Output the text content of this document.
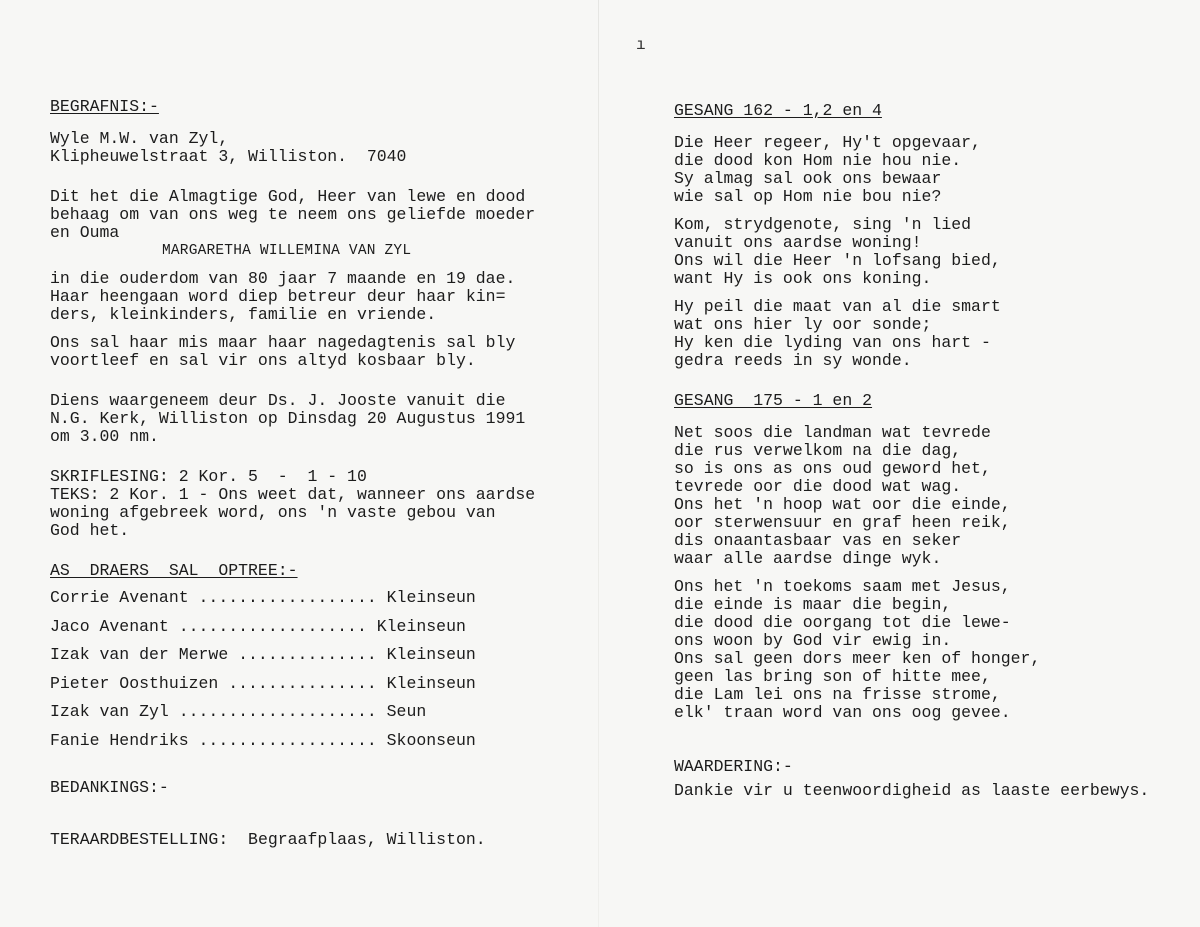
ı
BEGRAFNIS:-
Wyle M.W. van Zyl,
Klipheuwelstraat 3, Williston.  7040
Dit het die Almagtige God, Heer van lewe en dood
behaag om van ons weg te neem ons geliefde moeder
en Ouma
MARGARETHA WILLEMINA VAN ZYL
in die ouderdom van 80 jaar 7 maande en 19 dae.
Haar heengaan word diep betreur deur haar kin=
ders, kleinkinders, familie en vriende.
Ons sal haar mis maar haar nagedagtenis sal bly
voortleef en sal vir ons altyd kosbaar bly.
Diens waargeneem deur Ds. J. Jooste vanuit die
N.G. Kerk, Williston op Dinsdag 20 Augustus 1991
om 3.00 nm.
SKRIFLESING: 2 Kor. 5  -  1 - 10
TEKS: 2 Kor. 1 - Ons weet dat, wanneer ons aardse
woning afgebreek word, ons 'n vaste gebou van
God het.
AS  DRAERS  SAL  OPTREE:-
Corrie Avenant .................. Kleinseun
Jaco Avenant ................... Kleinseun
Izak van der Merwe .............. Kleinseun
Pieter Oosthuizen ............... Kleinseun
Izak van Zyl .................... Seun
Fanie Hendriks .................. Skoonseun
BEDANKINGS:-
TERAARDBESTELLING:  Begraafplaas, Williston.
GESANG 162 - 1,2 en 4
Die Heer regeer, Hy't opgevaar,
die dood kon Hom nie hou nie.
Sy almag sal ook ons bewaar
wie sal op Hom nie bou nie?
Kom, strydgenote, sing 'n lied
vanuit ons aardse woning!
Ons wil die Heer 'n lofsang bied,
want Hy is ook ons koning.
Hy peil die maat van al die smart
wat ons hier ly oor sonde;
Hy ken die lyding van ons hart -
gedra reeds in sy wonde.
GESANG  175 - 1 en 2
Net soos die landman wat tevrede
die rus verwelkom na die dag,
so is ons as ons oud geword het,
tevrede oor die dood wat wag.
Ons het 'n hoop wat oor die einde,
oor sterwensuur en graf heen reik,
dis onaantasbaar vas en seker
waar alle aardse dinge wyk.
Ons het 'n toekoms saam met Jesus,
die einde is maar die begin,
die dood die oorgang tot die lewe-
ons woon by God vir ewig in.
Ons sal geen dors meer ken of honger,
geen las bring son of hitte mee,
die Lam lei ons na frisse strome,
elk' traan word van ons oog gevee.
WAARDERING:-
Dankie vir u teenwoordigheid as laaste eerbewys.
